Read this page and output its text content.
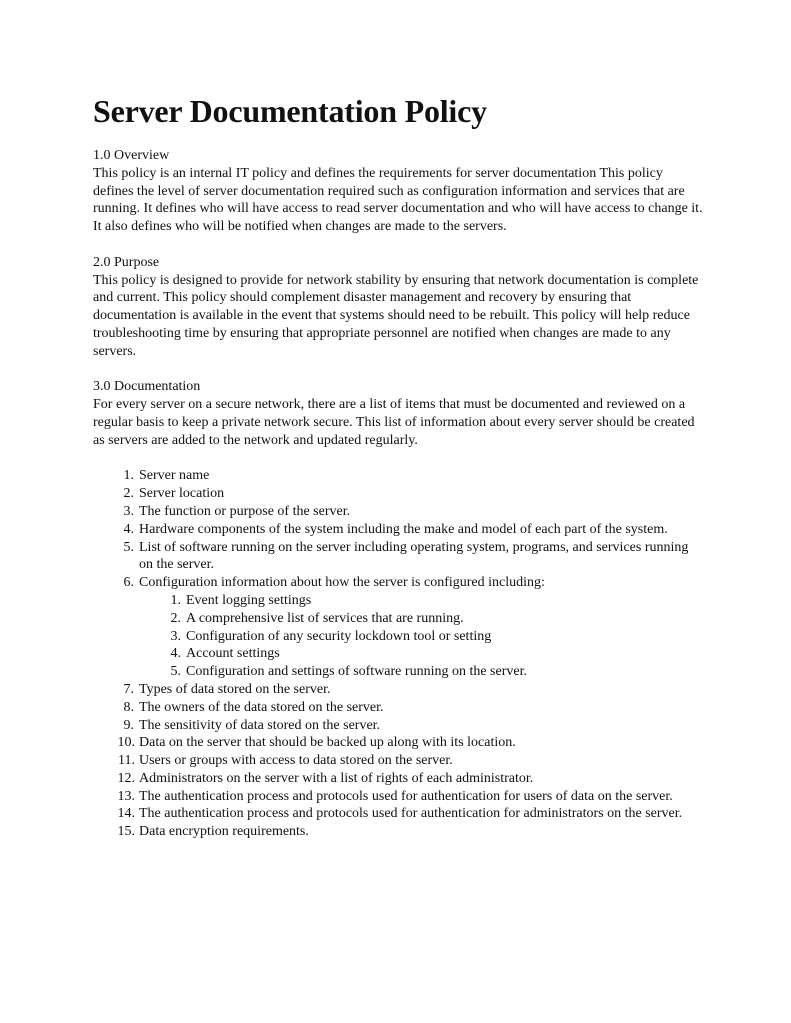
Server Documentation Policy
1.0 Overview
This policy is an internal IT policy and defines the requirements for server documentation This policy defines the level of server documentation required such as configuration information and services that are running. It defines who will have access to read server documentation and who will have access to change it. It also defines who will be notified when changes are made to the servers.
2.0 Purpose
This policy is designed to provide for network stability by ensuring that network documentation is complete and current. This policy should complement disaster management and recovery by ensuring that documentation is available in the event that systems should need to be rebuilt. This policy will help reduce troubleshooting time by ensuring that appropriate personnel are notified when changes are made to any servers.
3.0 Documentation
For every server on a secure network, there are a list of items that must be documented and reviewed on a regular basis to keep a private network secure. This list of information about every server should be created as servers are added to the network and updated regularly.
1. Server name
2. Server location
3. The function or purpose of the server.
4. Hardware components of the system including the make and model of each part of the system.
5. List of software running on the server including operating system, programs, and services running on the server.
6. Configuration information about how the server is configured including:
1. Event logging settings
2. A comprehensive list of services that are running.
3. Configuration of any security lockdown tool or setting
4. Account settings
5. Configuration and settings of software running on the server.
7. Types of data stored on the server.
8. The owners of the data stored on the server.
9. The sensitivity of data stored on the server.
10. Data on the server that should be backed up along with its location.
11. Users or groups with access to data stored on the server.
12. Administrators on the server with a list of rights of each administrator.
13. The authentication process and protocols used for authentication for users of data on the server.
14. The authentication process and protocols used for authentication for administrators on the server.
15. Data encryption requirements.
